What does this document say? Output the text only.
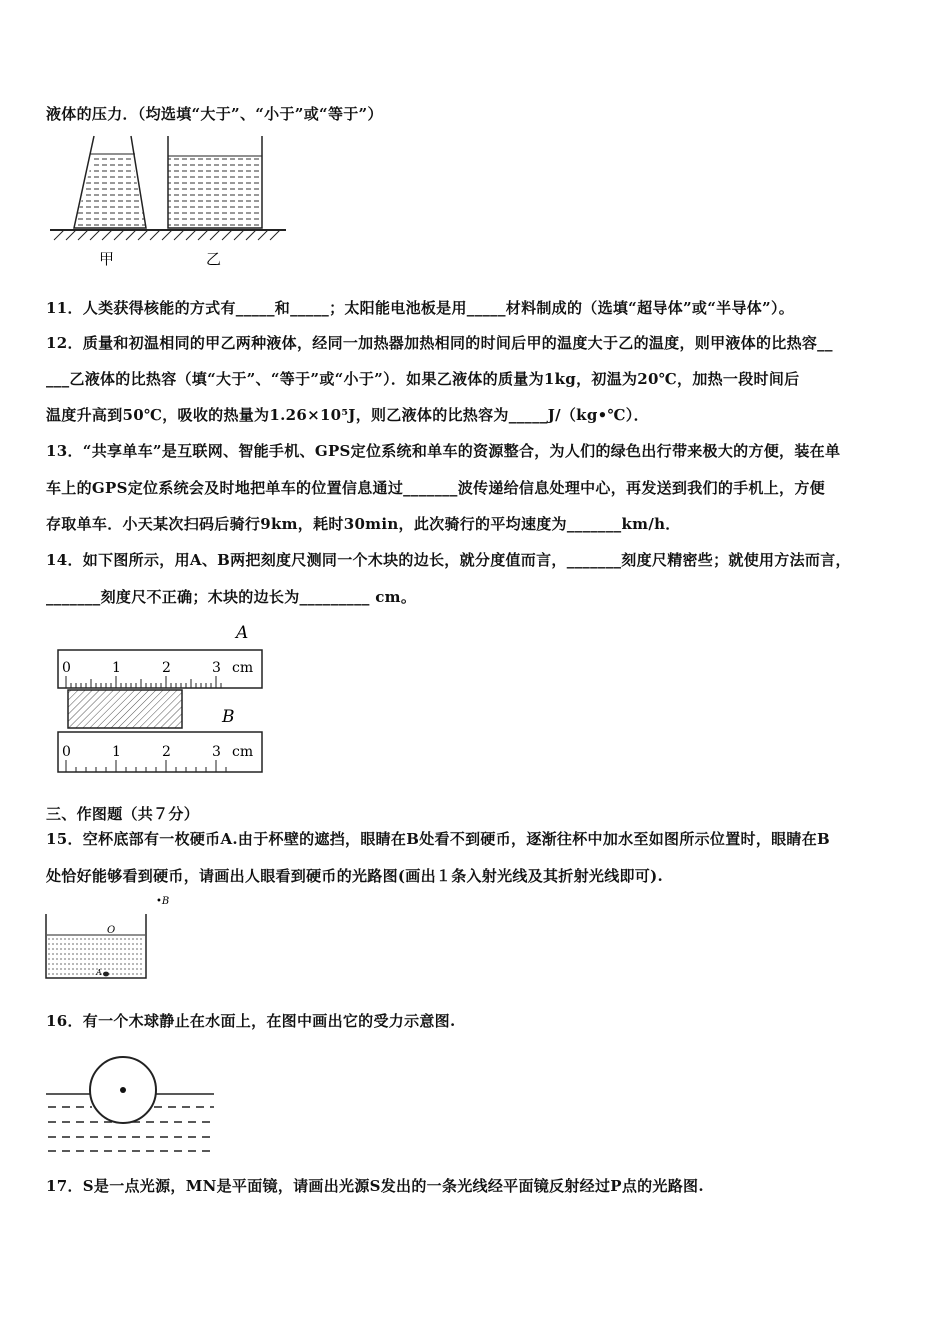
液体的压力．（均选填“大于”、“小于”或“等于”）
甲	乙
11．人类获得核能的方式有_____和_____；太阳能电池板是用_____材料制成的（选填“超导体”或“半导体”）。
12．质量和初温相同的甲乙两种液体，经同一加热器加热相同的时间后甲的温度大于乙的温度，则甲液体的比热容__
___乙液体的比热容（填“大于”、“等于”或“小于”）．如果乙液体的质量为1kg，初温为20℃，加热一段时间后
温度升高到50℃，吸收的热量为1.26×10⁵J，则乙液体的比热容为_____J/（kg•℃）．
13．“共享单车”是互联网、智能手机、GPS定位系统和单车的资源整合，为人们的绿色出行带来极大的方便，装在单
车上的GPS定位系统会及时地把单车的位置信息通过_______波传递给信息处理中心，再发送到我们的手机上，方便
存取单车．小天某次扫码后骑行9km，耗时30min，此次骑行的平均速度为_______km/h．
14．如下图所示，用A、B两把刻度尺测同一个木块的边长，就分度值而言，_______刻度尺精密些；就使用方法而言，
_______刻度尺不正确；木块的边长为_________ cm。
A
0	1	2	3 cm
B
0	1	2	3 cm
三、作图题（共７分）
15．空杯底部有一枚硬币A.由于杯壁的遮挡，眼睛在B处看不到硬币，逐渐往杯中加水至如图所示位置时，眼睛在B
处恰好能够看到硬币，请画出人眼看到硬币的光路图(画出１条入射光线及其折射光线即可).
•B
O
A
16．有一个木球静止在水面上，在图中画出它的受力示意图.
17．S是一点光源，MN是平面镜，请画出光源S发出的一条光线经平面镜反射经过P点的光路图.
